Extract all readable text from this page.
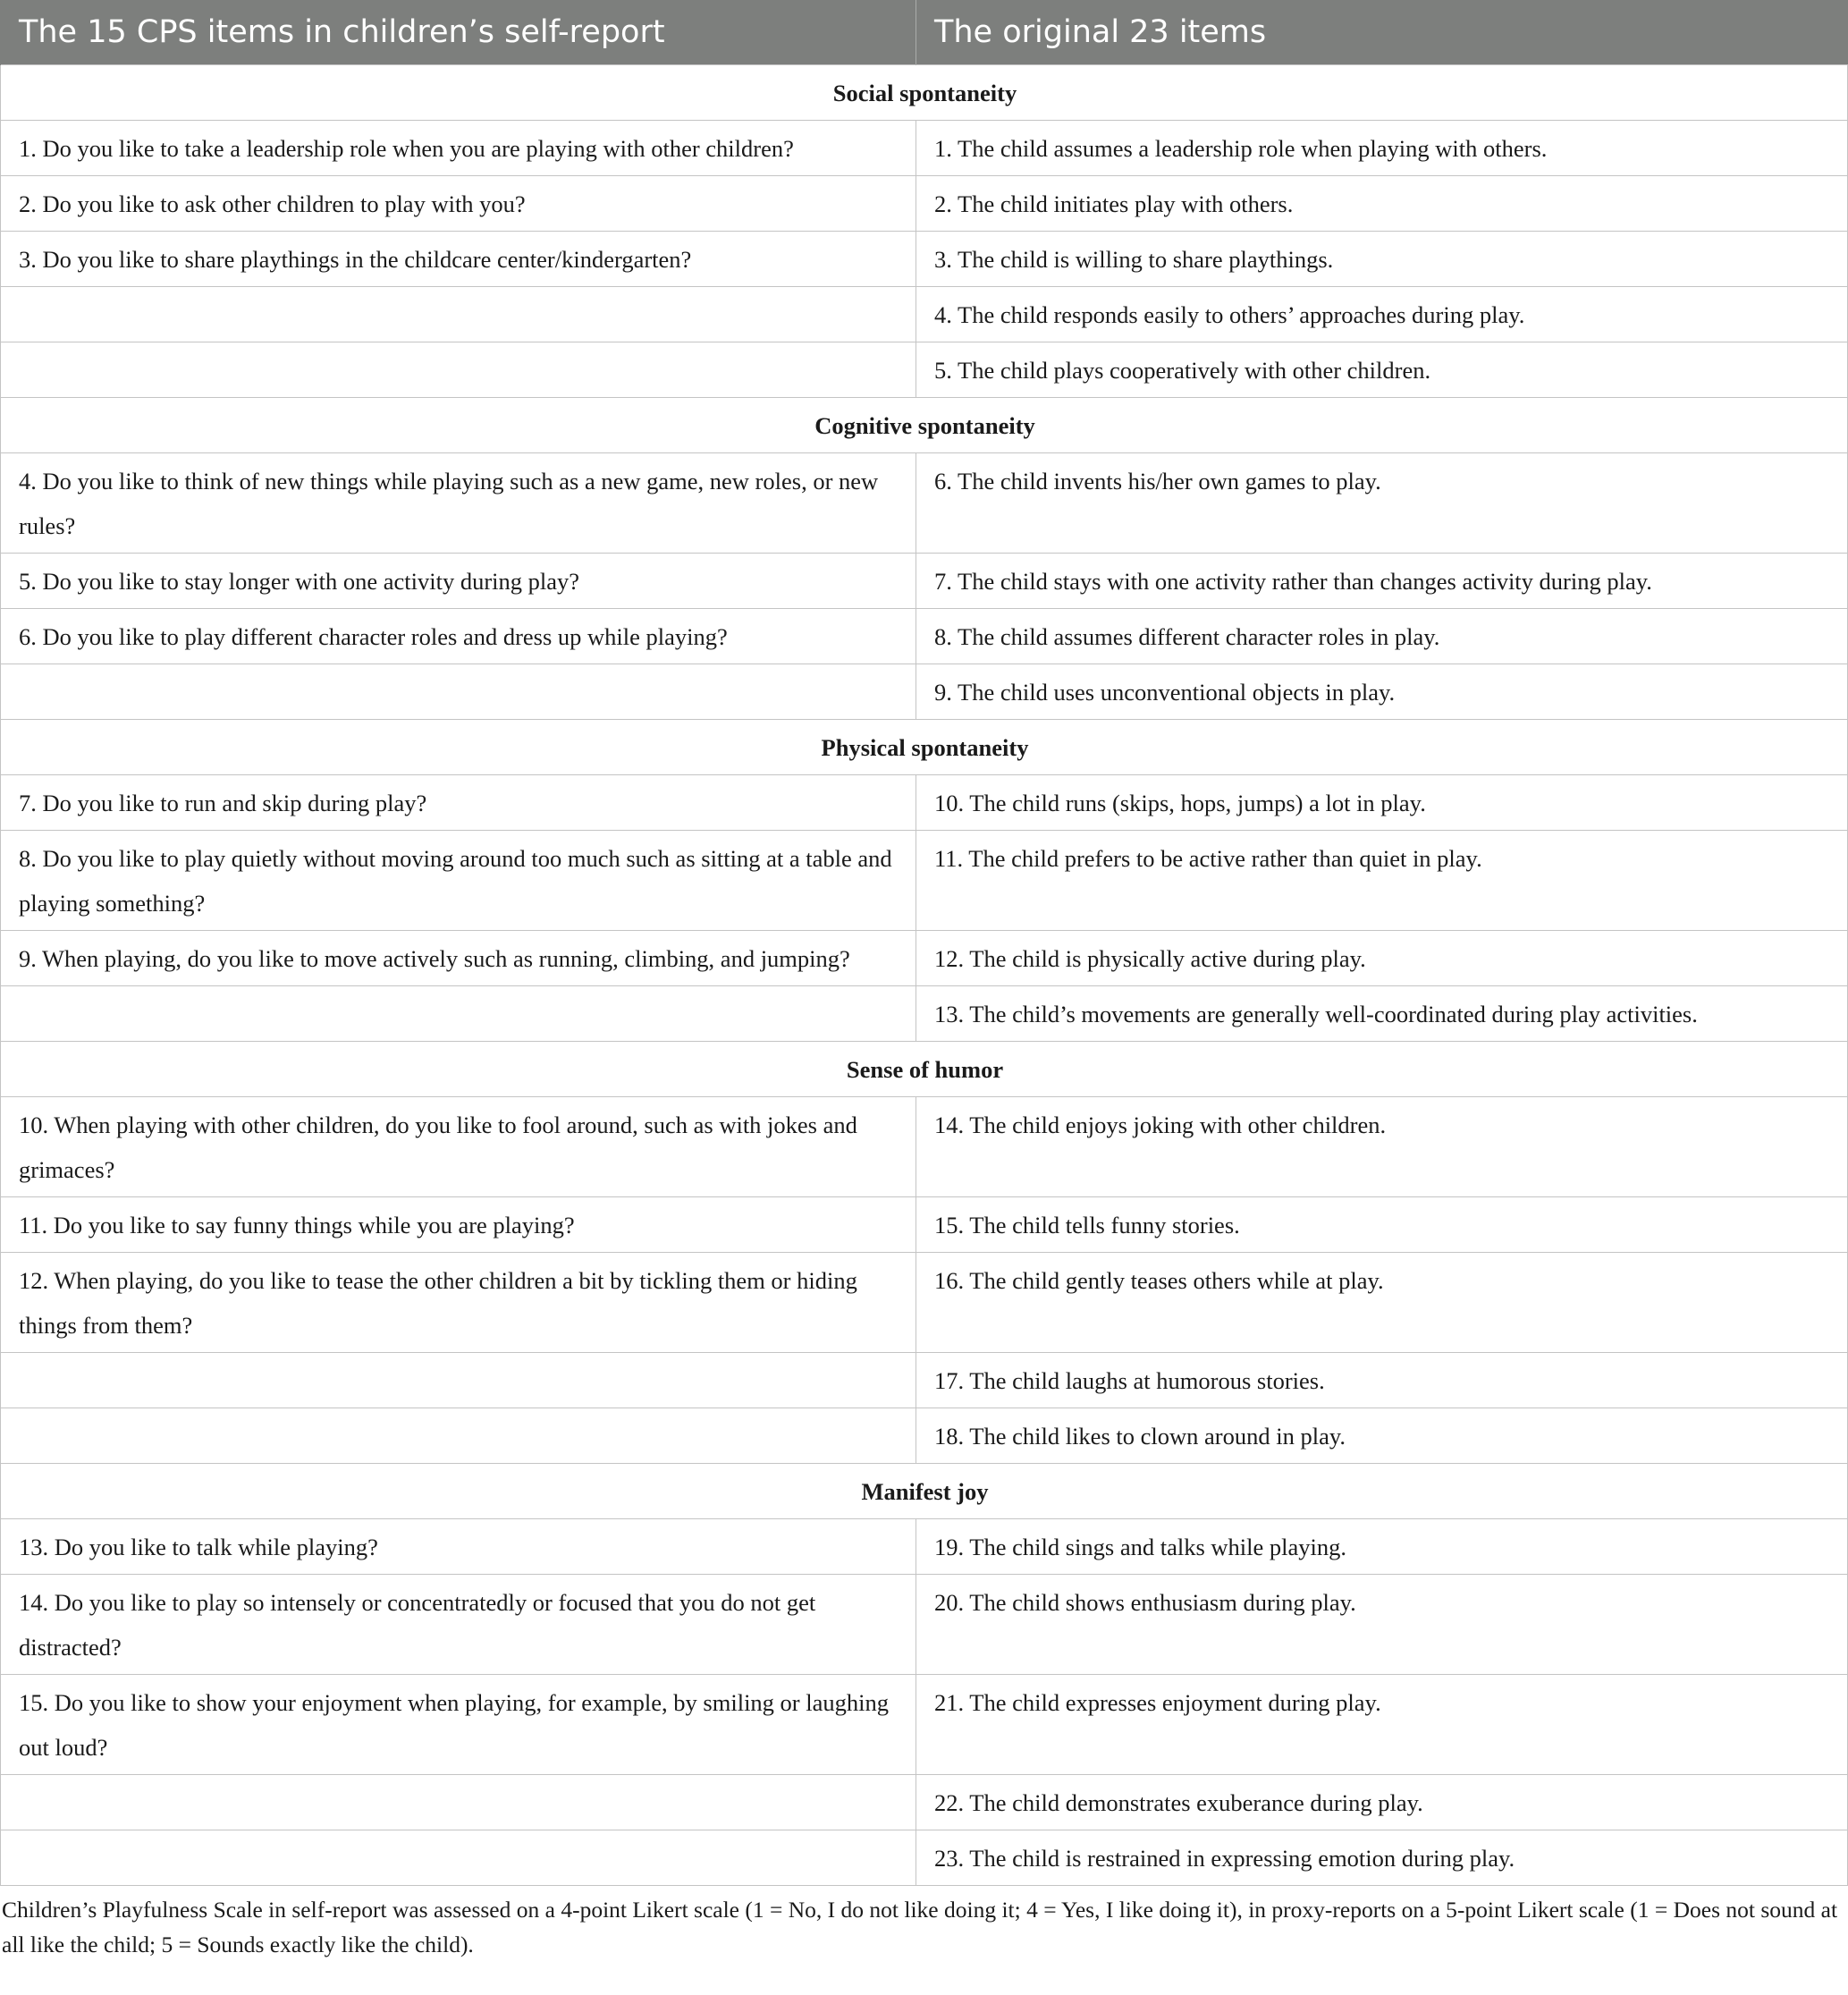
The 15 CPS items in children’s self-report	The original 23 items
Social spontaneity	
1. Do you like to take a leadership role when you are playing with other children?	1. The child assumes a leadership role when playing with others.
2. Do you like to ask other children to play with you?	2. The child initiates play with others.
3. Do you like to share playthings in the childcare center/kindergarten?	3. The child is willing to share playthings.
	4. The child responds easily to others’ approaches during play.
	5. The child plays cooperatively with other children.
Cognitive spontaneity	
4. Do you like to think of new things while playing such as a new game, new roles, or new rules?	6. The child invents his/her own games to play.
5. Do you like to stay longer with one activity during play?	7. The child stays with one activity rather than changes activity during play.
6. Do you like to play different character roles and dress up while playing?	8. The child assumes different character roles in play.
	9. The child uses unconventional objects in play.
Physical spontaneity	
7. Do you like to run and skip during play?	10. The child runs (skips, hops, jumps) a lot in play.
8. Do you like to play quietly without moving around too much such as sitting at a table and playing something?	11. The child prefers to be active rather than quiet in play.
9. When playing, do you like to move actively such as running, climbing, and jumping?	12. The child is physically active during play.
	13. The child’s movements are generally well-coordinated during play activities.
Sense of humor	
10. When playing with other children, do you like to fool around, such as with jokes and grimaces?	14. The child enjoys joking with other children.
11. Do you like to say funny things while you are playing?	15. The child tells funny stories.
12. When playing, do you like to tease the other children a bit by tickling them or hiding things from them?	16. The child gently teases others while at play.
	17. The child laughs at humorous stories.
	18. The child likes to clown around in play.
Manifest joy	
13. Do you like to talk while playing?	19. The child sings and talks while playing.
14. Do you like to play so intensely or concentratedly or focused that you do not get distracted?	20. The child shows enthusiasm during play.
15. Do you like to show your enjoyment when playing, for example, by smiling or laughing out loud?	21. The child expresses enjoyment during play.
	22. The child demonstrates exuberance during play.
	23. The child is restrained in expressing emotion during play.
Children’s Playfulness Scale in self-report was assessed on a 4-point Likert scale (1 = No, I do not like doing it; 4 = Yes, I like doing it), in proxy-reports on a 5-point Likert scale (1 = Does not sound at all like the child; 5 = Sounds exactly like the child).
